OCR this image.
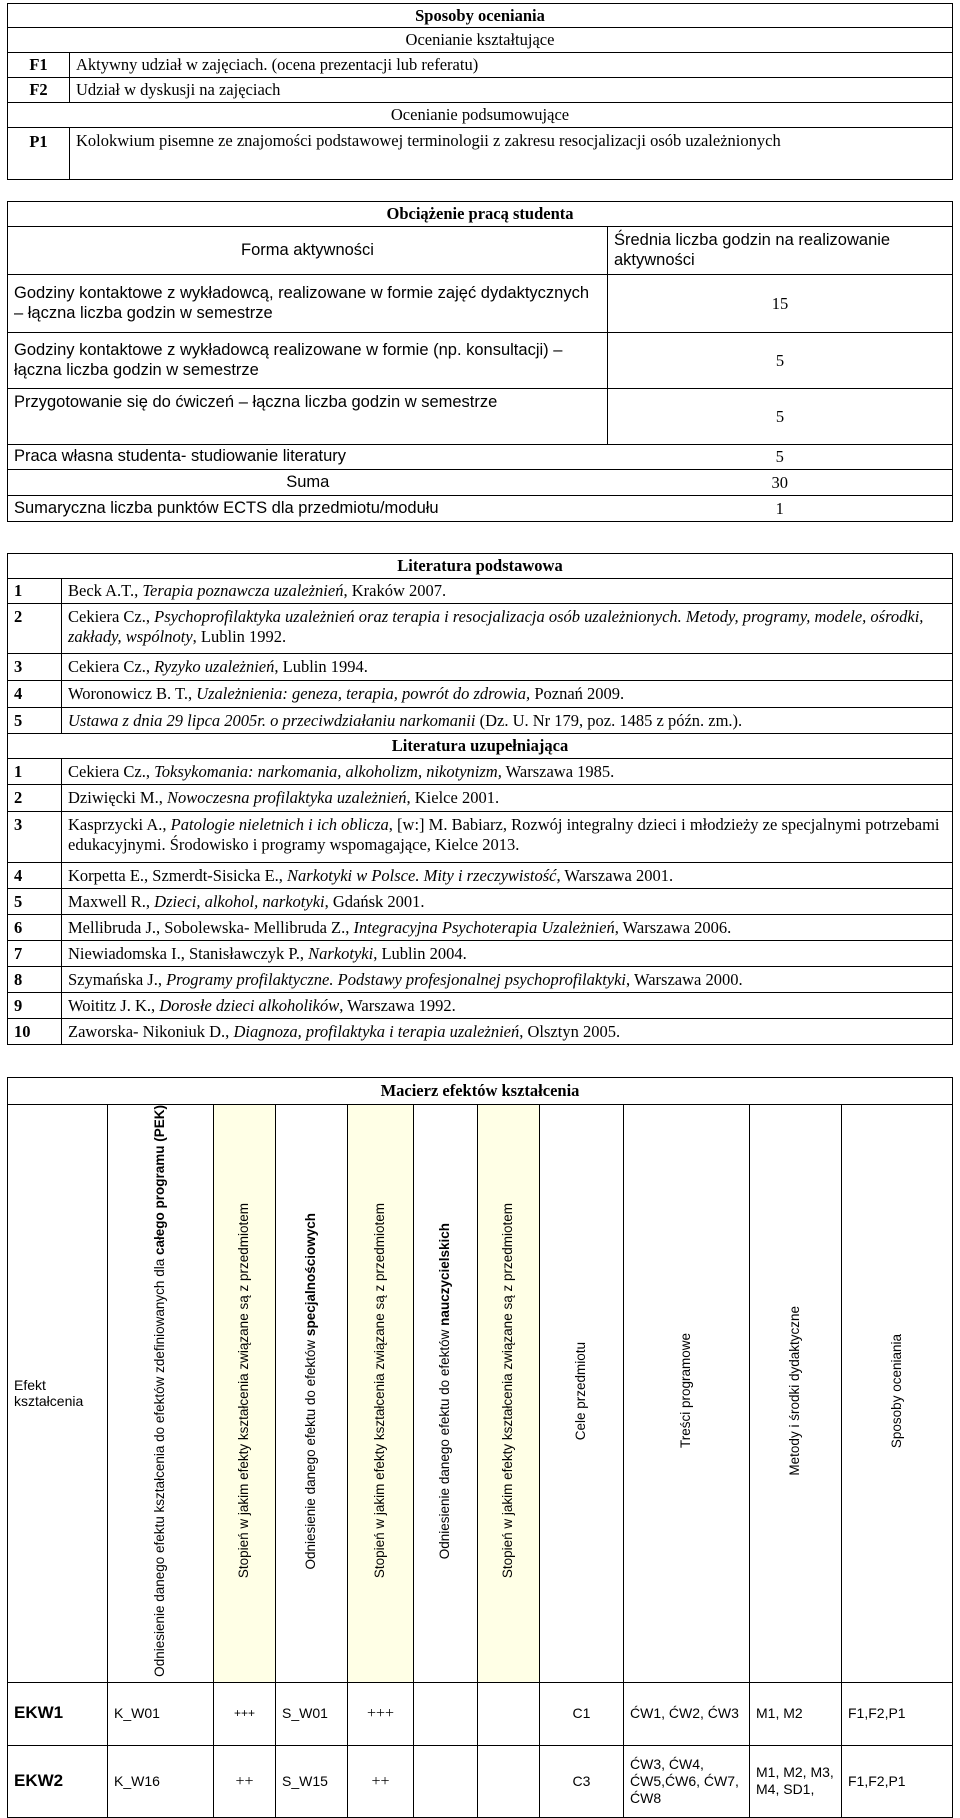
Sposoby oceniania	
Ocenianie kształtujące	
F1	Aktywny udział w zajęciach. (ocena prezentacji lub referatu)
F2	Udział w dyskusji na zajęciach
Ocenianie podsumowujące	
P1	Kolokwium pisemne ze znajomości podstawowej terminologii z zakresu resocjalizacji osób uzależnionych
Obciążenie pracą studenta	
Forma aktywności	Średnia liczba godzin na realizowanie aktywności
Godziny kontaktowe z wykładowcą, realizowane w formie zajęć dydaktycznych – łączna liczba godzin w semestrze	15
Godziny kontaktowe z wykładowcą realizowane w formie (np. konsultacji) – łączna liczba godzin w semestrze	5
Przygotowanie się do ćwiczeń – łączna liczba godzin w semestrze	5
Praca własna studenta- studiowanie literatury	5
Suma	30
Sumaryczna liczba punktów ECTS dla przedmiotu/modułu	1
Literatura podstawowa	
1	Beck A.T., Terapia poznawcza uzależnień, Kraków 2007.
2	Cekiera Cz., Psychoprofilaktyka uzależnień oraz terapia i resocjalizacja osób uzależnionych. Metody, programy, modele, ośrodki, zakłady, wspólnoty, Lublin 1992.
3	Cekiera Cz., Ryzyko uzależnień, Lublin 1994.
4	Woronowicz B. T., Uzależnienia: geneza, terapia, powrót do zdrowia, Poznań 2009.
5	Ustawa z dnia 29 lipca 2005r. o przeciwdziałaniu narkomanii (Dz. U. Nr 179, poz. 1485 z późn. zm.).
Literatura uzupełniająca	
1	Cekiera Cz., Toksykomania: narkomania, alkoholizm, nikotynizm, Warszawa 1985.
2	Dziwięcki M., Nowoczesna profilaktyka uzależnień, Kielce 2001.
3	Kasprzycki A., Patologie nieletnich i ich oblicza, [w:] M. Babiarz, Rozwój integralny dzieci i młodzieży ze specjalnymi potrzebami edukacyjnymi. Środowisko i programy wspomagające, Kielce 2013.
4	Korpetta E., Szmerdt-Sisicka E., Narkotyki w Polsce. Mity i rzeczywistość, Warszawa 2001.
5	Maxwell R., Dzieci, alkohol, narkotyki, Gdańsk 2001.
6	Mellibruda J., Sobolewska- Mellibruda Z., Integracyjna Psychoterapia Uzależnień, Warszawa 2006.
7	Niewiadomska I., Stanisławczyk P., Narkotyki, Lublin 2004.
8	Szymańska J., Programy profilaktyczne. Podstawy profesjonalnej psychoprofilaktyki, Warszawa 2000.
9	Woititz J. K., Dorosłe dzieci alkoholików, Warszawa 1992.
10	Zaworska- Nikoniuk D., Diagnoza, profilaktyka i terapia uzależnień, Olsztyn 2005.
Macierz efektów kształcenia										
Efekt kształcenia	Odniesienie danego efektu kształcenia do efektów zdefiniowanych dla całego programu (PEK)	Stopień w jakim efekty kształcenia związane są z przedmiotem	Odniesienie danego efektu do efektów specjalnościowych	Stopień w jakim efekty kształcenia związane są z przedmiotem	Odniesienie danego efektu do efektów nauczycielskich	Stopień w jakim efekty kształcenia związane są z przedmiotem	Cele przedmiotu	Treści programowe	Metody i środki dydaktyczne	Sposoby oceniania
EKW1	K_W01	+++	S_W01	+++			C1	ĆW1, ĆW2, ĆW3	M1, M2	F1,F2,P1
EKW2	K_W16	++	S_W15	++			C3	ĆW3, ĆW4, ĆW5,ĆW6, ĆW7, ĆW8	M1, M2, M3, M4, SD1,	F1,F2,P1
